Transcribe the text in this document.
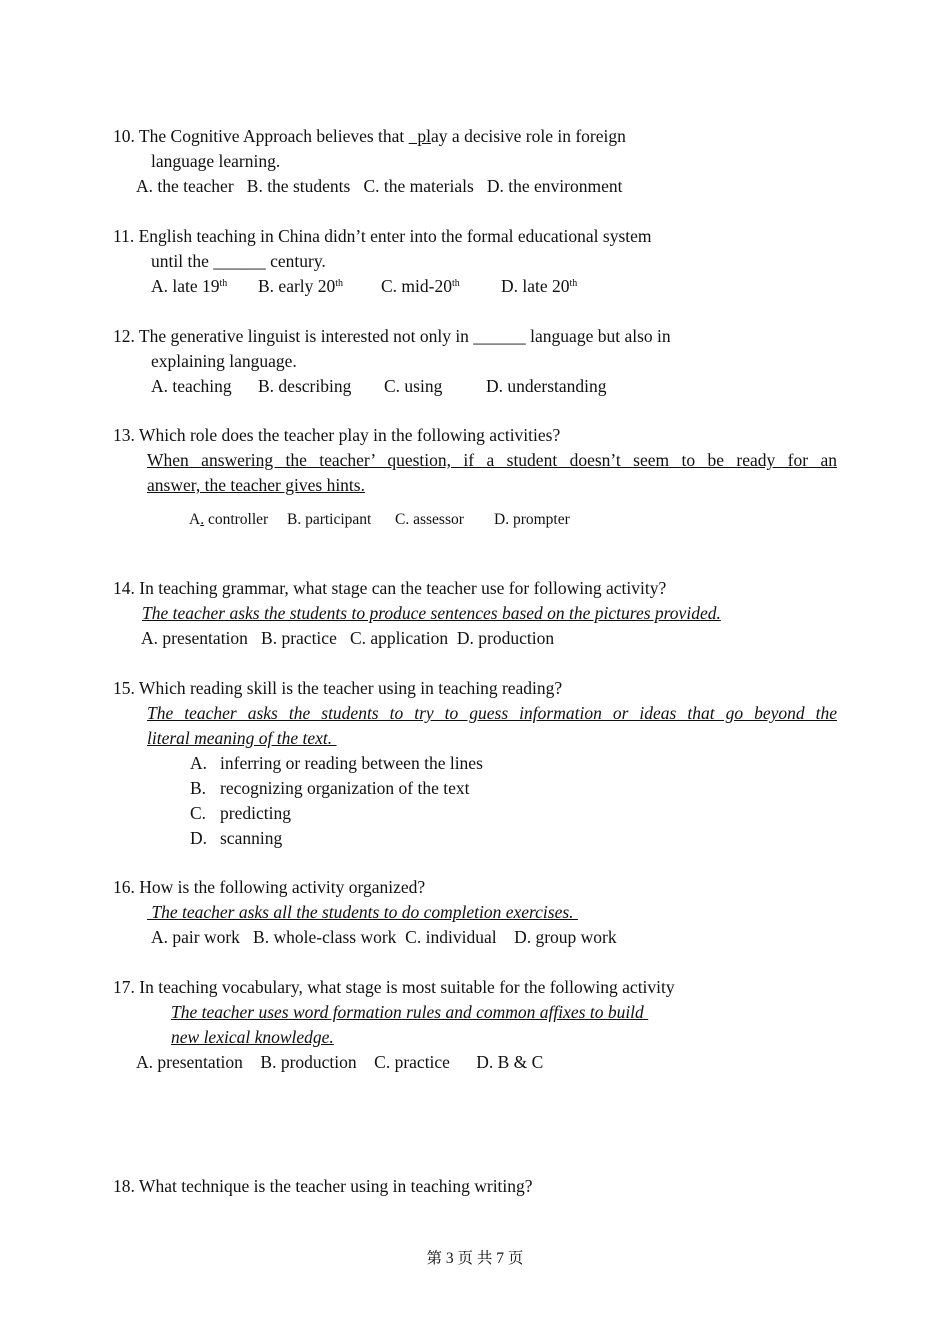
10. The Cognitive Approach believes that   play a decisive role in foreign
language learning.
A. the teacher   B. the students   C. the materials   D. the environment
11. English teaching in China didn’t enter into the formal educational system
until the ______ century.
A. late 19th B. early 20th C. mid-20th D. late 20th
12. The generative linguist is interested not only in ______ language but also in
explaining language.
A. teaching B. describing C. using D. understanding
13. Which role does the teacher play in the following activities?
When answering the teacher’ question, if a student doesn’t seem to be ready for an
answer, the teacher gives hints.
A. controller B. participant C. assessor D. prompter
14. In teaching grammar, what stage can the teacher use for following activity?
The teacher asks the students to produce sentences based on the pictures provided.
A. presentation   B. practice   C. application  D. production
15. Which reading skill is the teacher using in teaching reading?
The teacher asks the students to try to guess information or ideas that go beyond the
literal meaning of the text.
A. inferring or reading between the lines
B. recognizing organization of the text
C. predicting
D. scanning
16. How is the following activity organized?
The teacher asks all the students to do completion exercises.
A. pair work   B. whole-class work  C. individual    D. group work
17. In teaching vocabulary, what stage is most suitable for the following activity
The teacher uses word formation rules and common affixes to build
new lexical knowledge.
A. presentation    B. production    C. practice      D. B & C
18. What technique is the teacher using in teaching writing?
第 3 页 共 7 页
